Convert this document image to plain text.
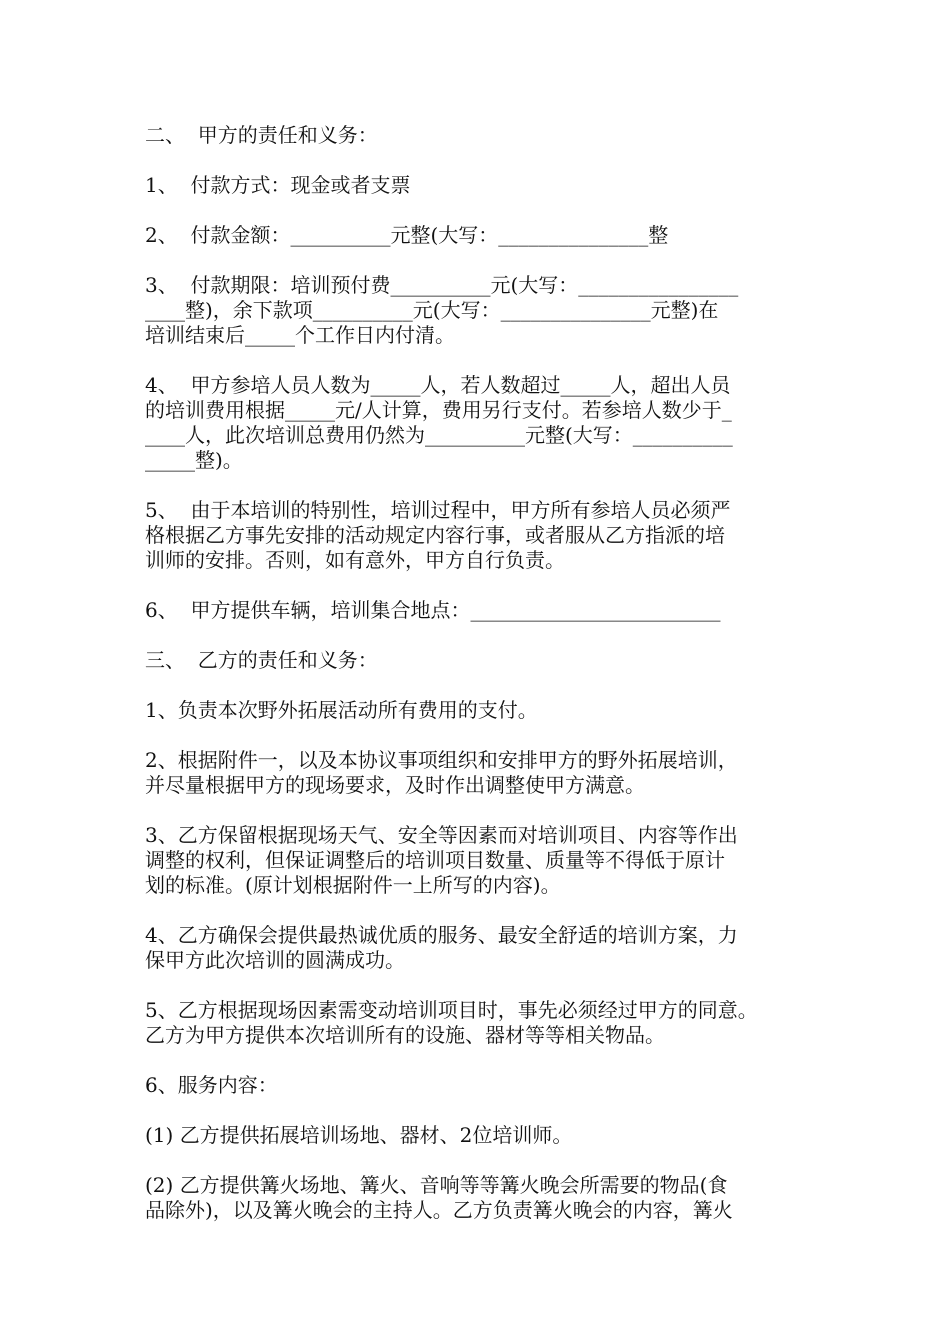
二、  甲方的责任和义务：
1、  付款方式：现金或者支票
2、  付款金额：__________元整(大写：_______________整
3、  付款期限：培训预付费__________元(大写：________________
____整)，余下款项__________元(大写：_______________元整)在
培训结束后_____个工作日内付清。
4、  甲方参培人员人数为_____人，若人数超过_____人，超出人员
的培训费用根据_____元/人计算，费用另行支付。若参培人数少于_
____人，此次培训总费用仍然为__________元整(大写：__________
_____整)。
5、  由于本培训的特别性，培训过程中，甲方所有参培人员必须严
格根据乙方事先安排的活动规定内容行事，或者服从乙方指派的培
训师的安排。否则，如有意外，甲方自行负责。
6、  甲方提供车辆，培训集合地点：_________________________
三、  乙方的责任和义务：
1、负责本次野外拓展活动所有费用的支付。
2、根据附件一，以及本协议事项组织和安排甲方的野外拓展培训，
并尽量根据甲方的现场要求，及时作出调整使甲方满意。
3、乙方保留根据现场天气、安全等因素而对培训项目、内容等作出
调整的权利，但保证调整后的培训项目数量、质量等不得低于原计
划的标准。(原计划根据附件一上所写的内容)。
4、乙方确保会提供最热诚优质的服务、最安全舒适的培训方案，力
保甲方此次培训的圆满成功。
5、乙方根据现场因素需变动培训项目时，事先必须经过甲方的同意。
乙方为甲方提供本次培训所有的设施、器材等等相关物品。
6、服务内容：
(1) 乙方提供拓展培训场地、器材、2位培训师。
(2) 乙方提供篝火场地、篝火、音响等等篝火晚会所需要的物品(食
品除外)，以及篝火晚会的主持人。乙方负责篝火晚会的内容，篝火
